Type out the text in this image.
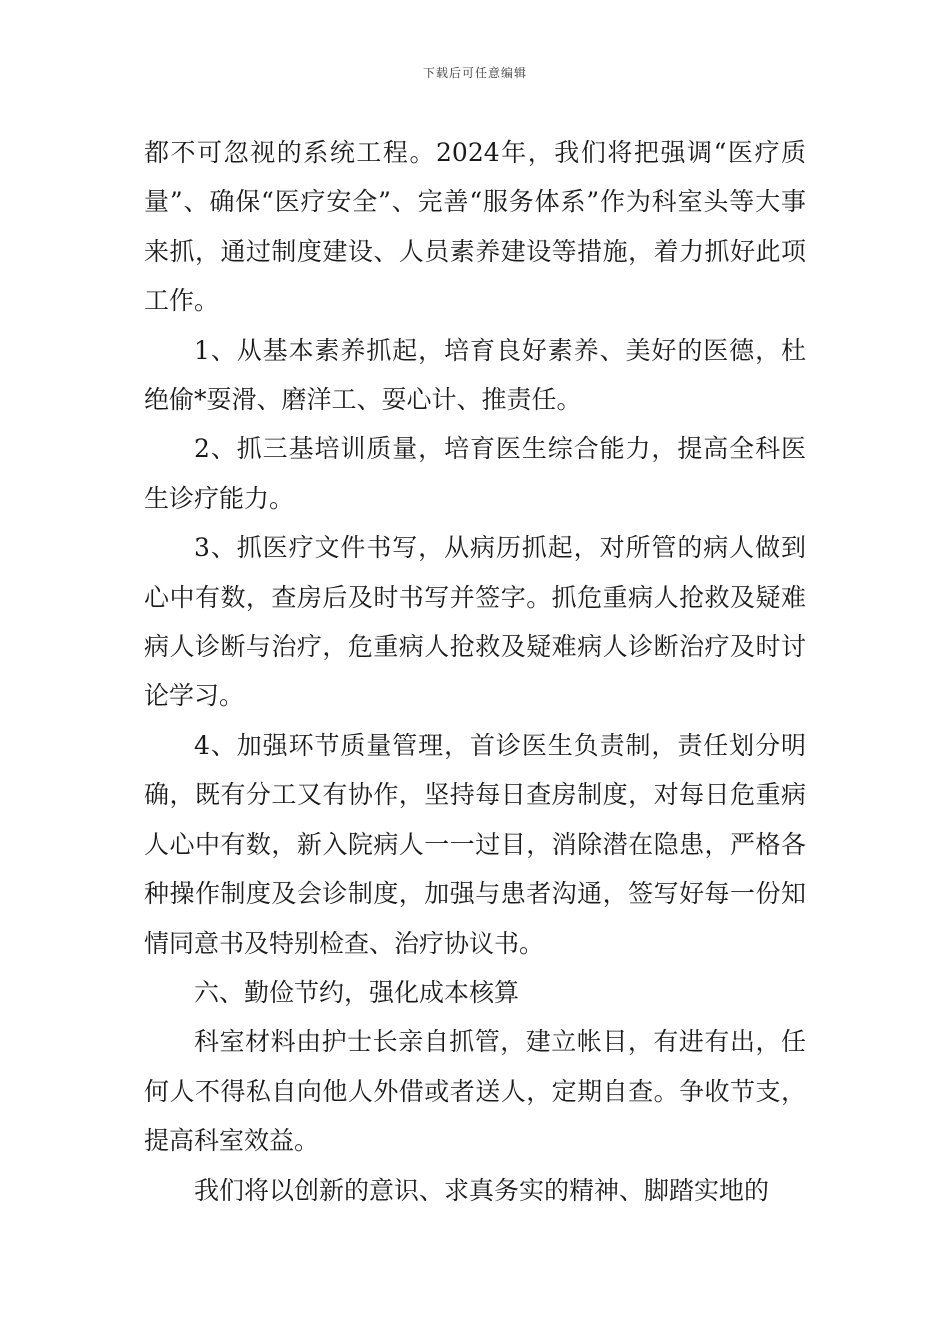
下载后可任意编辑

都不可忽视的系统工程。2024年，我们将把强调“医疗质量”、确保“医疗安全”、完善“服务体系”作为科室头等大事来抓，通过制度建设、人员素养建设等措施，着力抓好此项工作。

1、从基本素养抓起，培育良好素养、美好的医德，杜绝偷*耍滑、磨洋工、耍心计、推责任。

2、抓三基培训质量，培育医生综合能力，提高全科医生诊疗能力。

3、抓医疗文件书写，从病历抓起，对所管的病人做到心中有数，查房后及时书写并签字。抓危重病人抢救及疑难病人诊断与治疗，危重病人抢救及疑难病人诊断治疗及时讨论学习。

4、加强环节质量管理，首诊医生负责制，责任划分明确，既有分工又有协作，坚持每日查房制度，对每日危重病人心中有数，新入院病人一一过目，消除潜在隐患，严格各种操作制度及会诊制度，加强与患者沟通，签写好每一份知情同意书及特别检查、治疗协议书。

六、勤俭节约，强化成本核算

科室材料由护士长亲自抓管，建立帐目，有进有出，任何人不得私自向他人外借或者送人，定期自查。争收节支，提高科室效益。

我们将以创新的意识、求真务实的精神、脚踏实地的
